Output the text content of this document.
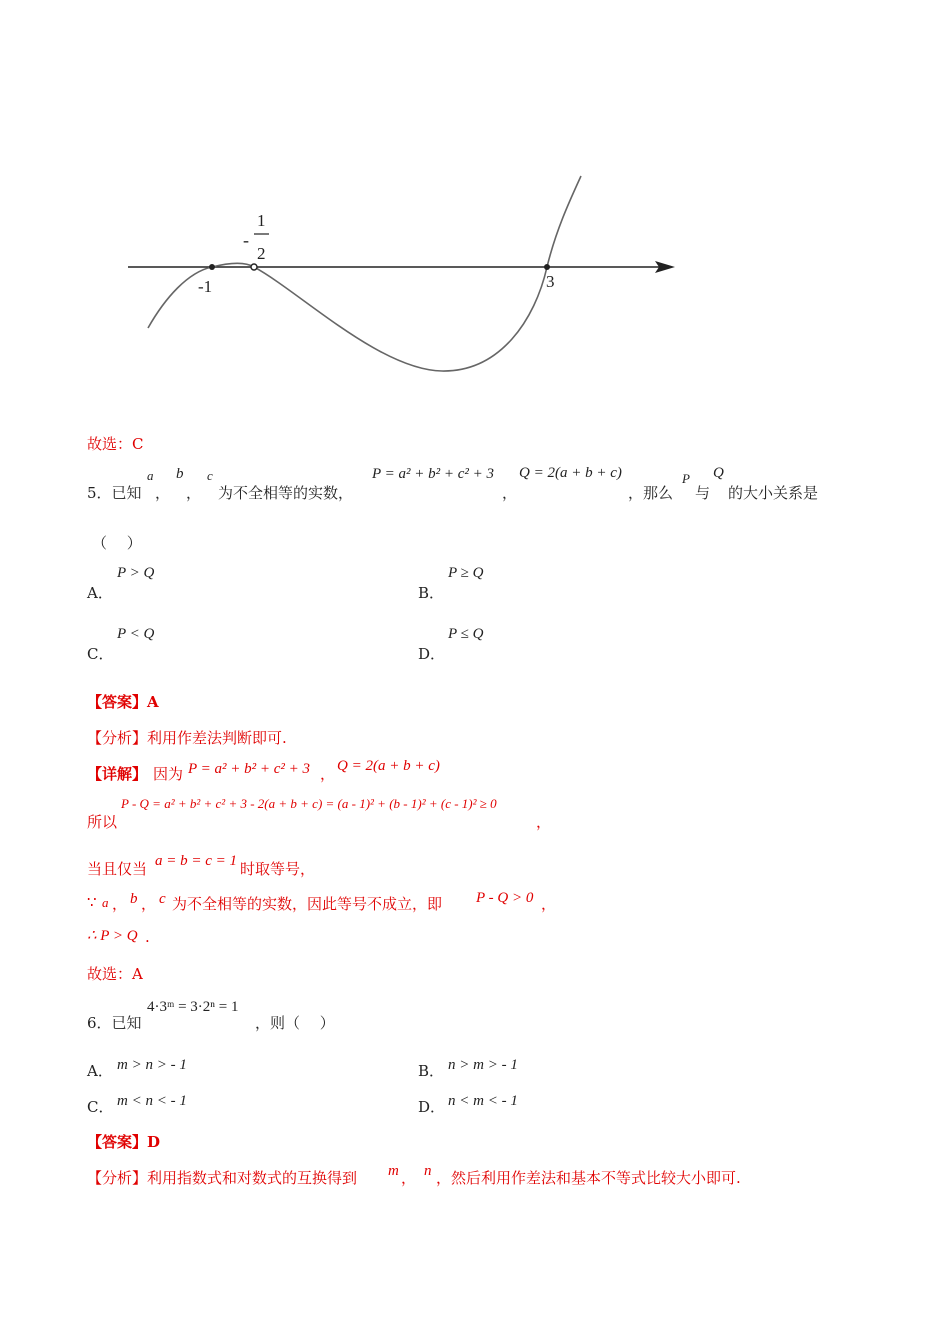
-1	3
-
1
2
故选：C
5．已知
a
，
b
，
c
为不全相等的实数，
P = a² + b² + c² + 3
，
Q = 2(a + b + c)
，那么
P
与
Q
的大小关系是
（　 ）
A．
P > Q
B．
P ≥ Q
C．
P < Q
D．
P ≤ Q
【答案】A
【分析】利用作差法判断即可.
【详解】 因为 P = a² + b² + c² + 3 ， Q = 2(a + b + c)
所以
P - Q = a² + b² + c² + 3 - 2(a + b + c) = (a - 1)² + (b - 1)² + (c - 1)² ≥ 0
，
当且仅当 a = b = c = 1 时取等号，
∵ a ， b ， c 为不全相等的实数，因此等号不成立，即 P - Q > 0 ，
∴ P > Q .
故选：A
6．已知
4·3ᵐ = 3·2ⁿ = 1
，则（　 ）
A． m > n > - 1	B． n > m > - 1
C． m < n < - 1	D． n < m < - 1
【答案】D
【分析】利用指数式和对数式的互换得到 m ， n ，然后利用作差法和基本不等式比较大小即可.
